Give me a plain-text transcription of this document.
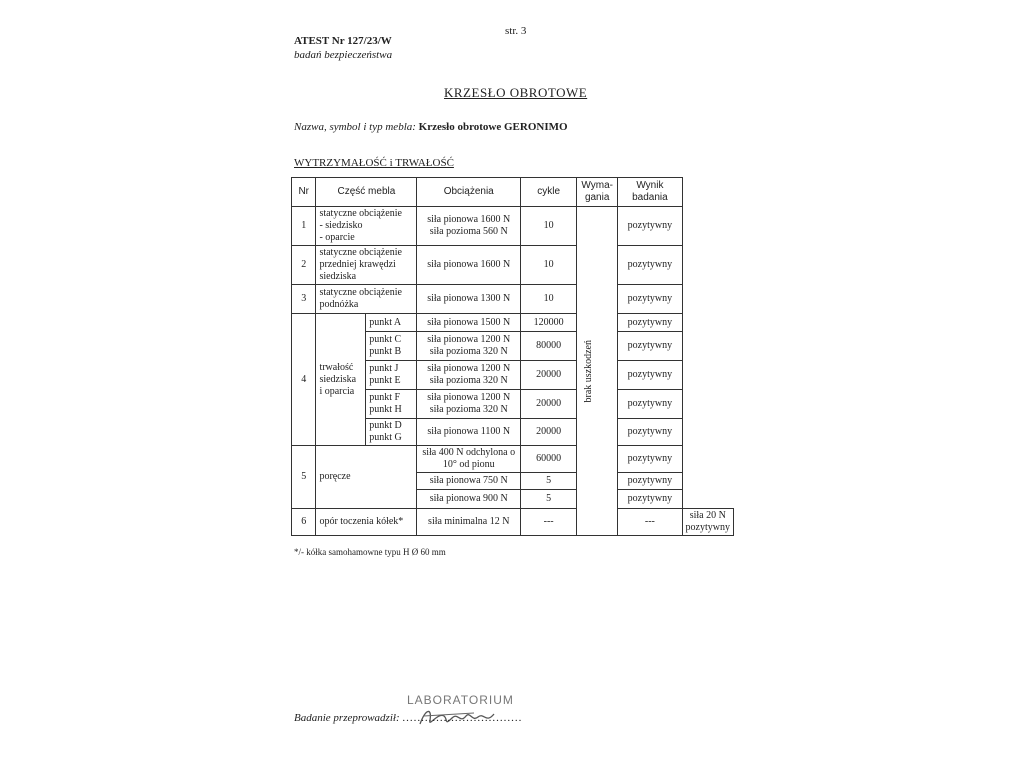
str. 3
ATEST Nr 127/23/W
badań bezpieczeństwa
KRZESŁO OBROTOWE
Nazwa, symbol i typ mebla: Krzesło obrotowe GERONIMO
WYTRZYMAŁOŚĆ i TRWAŁOŚĆ
Nr	Część mebla		Obciążenia	cykle	Wyma-
gania	Wynik badania	
1	statyczne obciążenie
- siedzisko
- oparcie		siła pionowa 1600 N
siła pozioma 560 N	10	brak uszkodzeń	pozytywny	
2	statyczne obciążenie przedniej krawędzi siedziska		siła pionowa 1600 N	10		pozytywny	
3	statyczne obciążenie podnóżka		siła pionowa 1300 N	10		pozytywny	
4	trwałość
siedziska
i oparcia	punkt A	siła pionowa 1500 N	120000		pozytywny	
		punkt C
punkt B	siła pionowa 1200 N
siła pozioma 320 N	80000		pozytywny	
		punkt J
punkt E	siła pionowa 1200 N
siła pozioma 320 N	20000		pozytywny	
		punkt F
punkt H	siła pionowa 1200 N
siła pozioma 320 N	20000		pozytywny	
		punkt D
punkt G	siła pionowa 1100 N	20000		pozytywny	
5	poręcze		siła 400 N odchylona o 10° od pionu	60000		pozytywny	
			siła pionowa 750 N	5		pozytywny	
			siła pionowa 900 N	5		pozytywny	
6	opór toczenia kółek*		siła minimalna 12 N	---		---	siła 20 N
pozytywny
*/- kółka samohamowne typu H Ø 60 mm
LABORATORIUM
Badanie przeprowadził: ................................
